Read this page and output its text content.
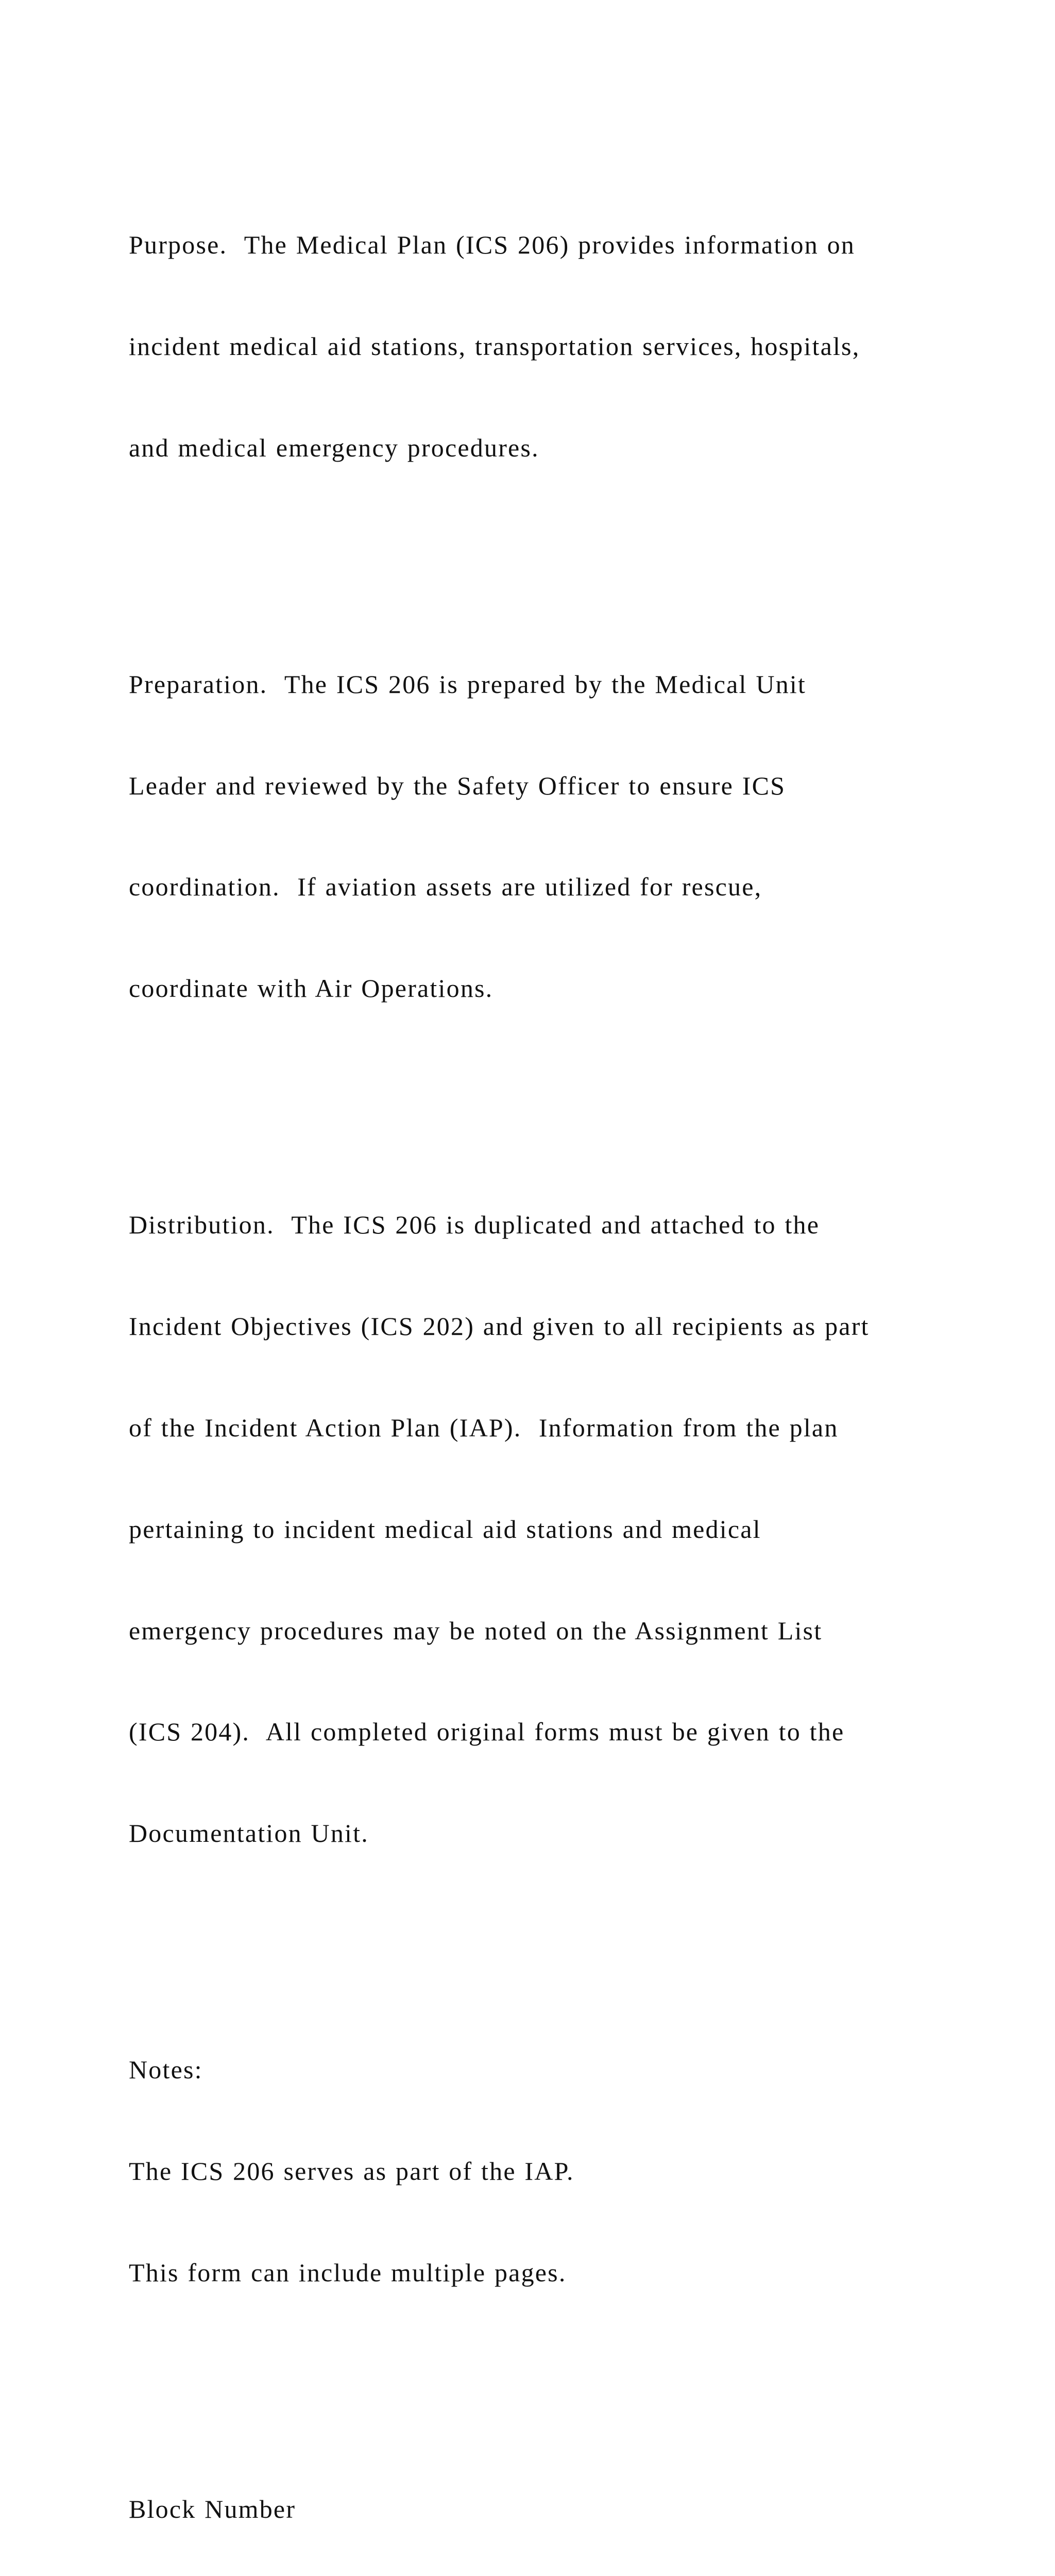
Purpose.  The Medical Plan (ICS 206) provides information on

incident medical aid stations, transportation services, hospitals,

and medical emergency procedures.

Preparation.  The ICS 206 is prepared by the Medical Unit

Leader and reviewed by the Safety Officer to ensure ICS

coordination.  If aviation assets are utilized for rescue,

coordinate with Air Operations.

Distribution.  The ICS 206 is duplicated and attached to the

Incident Objectives (ICS 202) and given to all recipients as part

of the Incident Action Plan (IAP).  Information from the plan

pertaining to incident medical aid stations and medical

emergency procedures may be noted on the Assignment List

(ICS 204).  All completed original forms must be given to the

Documentation Unit.

Notes:

The ICS 206 serves as part of the IAP.

This form can include multiple pages.

Block Number
